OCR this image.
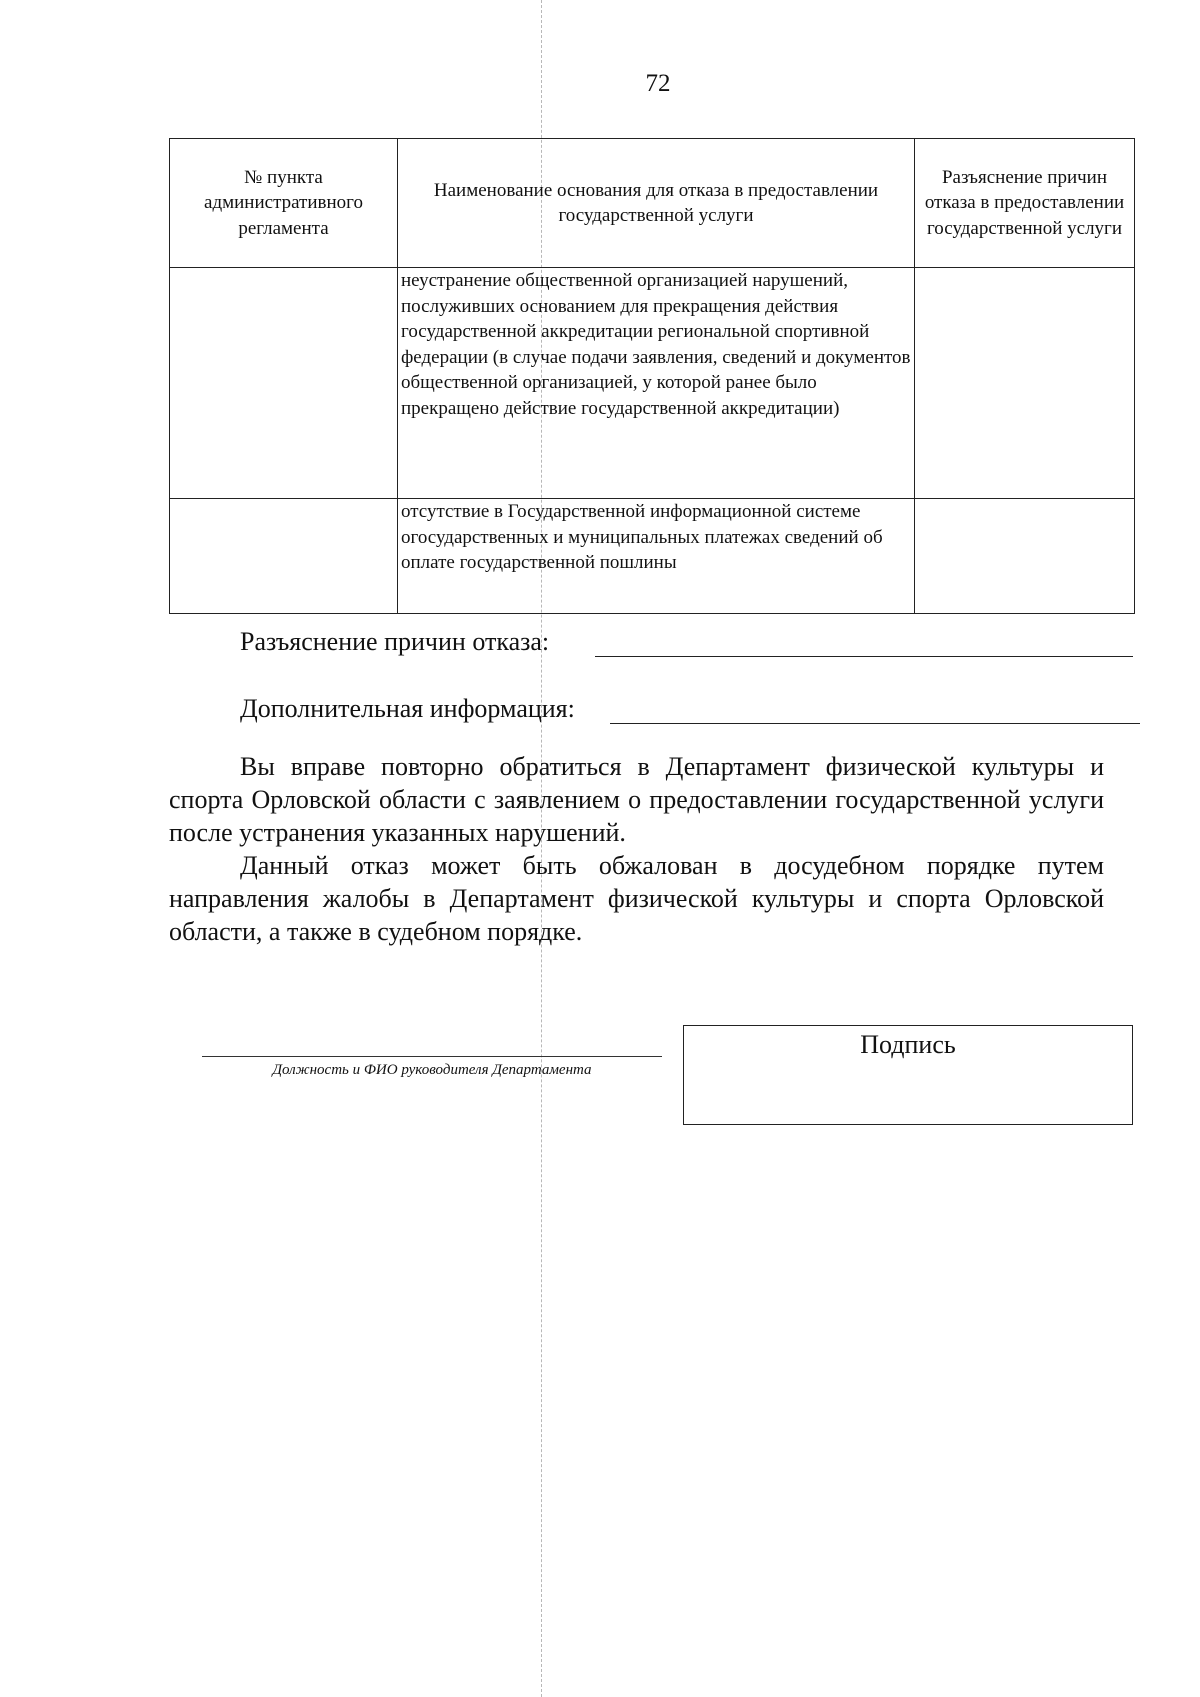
72
№ пункта административного регламента	Наименование основания для отказа в предоставлении государственной услуги	Разъяснение причин отказа в предоставлении государственной услуги
	неустранение общественной организацией нарушений, послуживших основанием для прекращения действия государственной аккредитации региональной спортивной федерации (в случае подачи заявления, сведений и документов общественной организацией, у которой ранее было прекращено действие государственной аккредитации)	
	отсутствие в Государственной информационной системе огосударственных и муниципальных платежах сведений об оплате государственной пошлины	
Разъяснение причин отказа:
Дополнительная информация:

Вы вправе повторно обратиться в Департамент физической культуры и спорта Орловской области с заявлением о предоставлении государственной услуги после устранения указанных нарушений.

Данный отказ может быть обжалован в досудебном порядке путем направления жалобы в Департамент физической культуры и спорта Орловской области, а также в судебном порядке.

Должность и ФИО руководителя Департамента
Подпись
